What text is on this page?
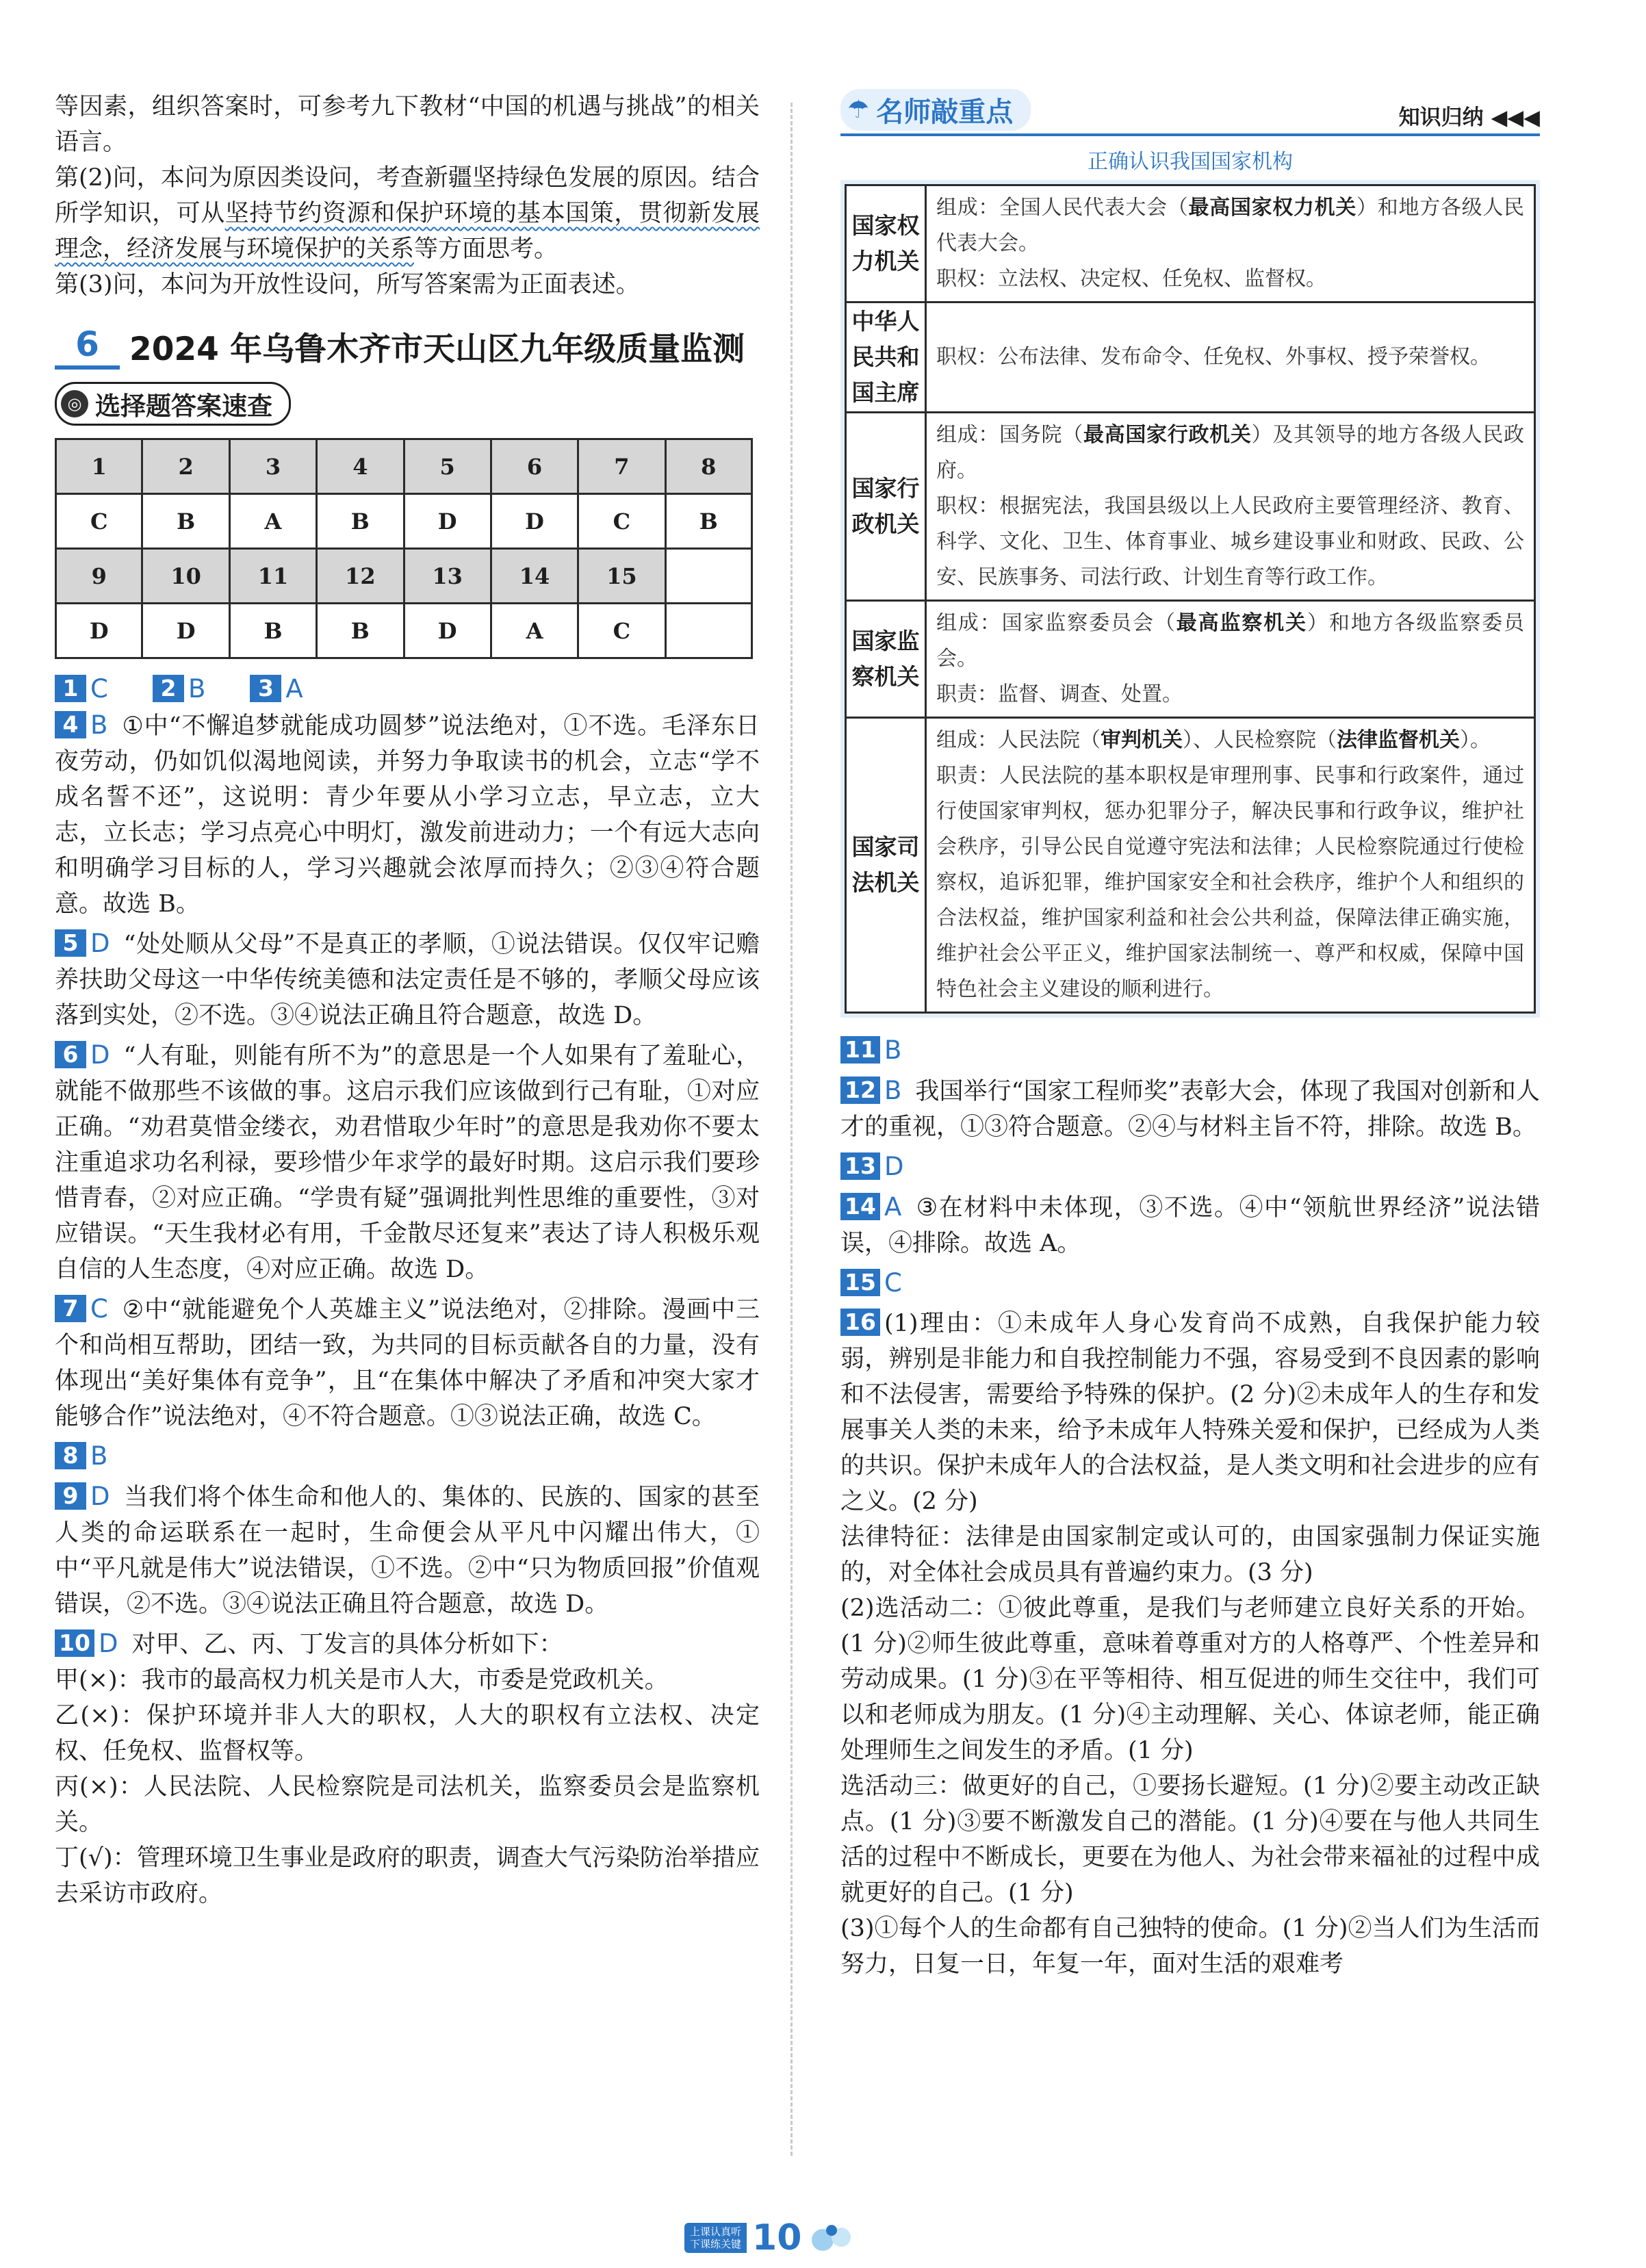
等因素，组织答案时，可参考九下教材“中国的机遇与挑战”的相关语言。

第(2)问，本问为原因类设问，考查新疆坚持绿色发展的原因。结合所学知识，可从坚持节约资源和保护环境的基本国策，贯彻新发展理念，经济发展与环境保护的关系等方面思考。

第(3)问，本问为开放性设问，所写答案需为正面表述。

6 2024 年乌鲁木齐市天山区九年级质量监测
◎ 选择题答案速查
1	2	3	4	5	6	7	8
C	B	A	B	D	D	C	B
9	10	11	12	13	14	15	
D	D	B	B	D	A	C	
1 C 2 B 3 A

4 B ①中“不懈追梦就能成功圆梦”说法绝对，①不选。毛泽东日夜劳动，仍如饥似渴地阅读，并努力争取读书的机会，立志“学不成名誓不还”，这说明：青少年要从小学习立志，早立志，立大志，立长志；学习点亮心中明灯，激发前进动力；一个有远大志向和明确学习目标的人，学习兴趣就会浓厚而持久；②③④符合题意。故选 B。

5 D “处处顺从父母”不是真正的孝顺，①说法错误。仅仅牢记赡养扶助父母这一中华传统美德和法定责任是不够的，孝顺父母应该落到实处，②不选。③④说法正确且符合题意，故选 D。

6 D “人有耻，则能有所不为”的意思是一个人如果有了羞耻心，就能不做那些不该做的事。这启示我们应该做到行己有耻，①对应正确。“劝君莫惜金缕衣，劝君惜取少年时”的意思是我劝你不要太注重追求功名利禄，要珍惜少年求学的最好时期。这启示我们要珍惜青春，②对应正确。“学贵有疑”强调批判性思维的重要性，③对应错误。“天生我材必有用，千金散尽还复来”表达了诗人积极乐观自信的人生态度，④对应正确。故选 D。

7 C ②中“就能避免个人英雄主义”说法绝对，②排除。漫画中三个和尚相互帮助，团结一致，为共同的目标贡献各自的力量，没有体现出“美好集体有竞争”，且“在集体中解决了矛盾和冲突大家才能够合作”说法绝对，④不符合题意。①③说法正确，故选 C。

8 B

9 D 当我们将个体生命和他人的、集体的、民族的、国家的甚至人类的命运联系在一起时，生命便会从平凡中闪耀出伟大，①中“平凡就是伟大”说法错误，①不选。②中“只为物质回报”价值观错误，②不选。③④说法正确且符合题意，故选 D。

10 D 对甲、乙、丙、丁发言的具体分析如下：

甲(×)：我市的最高权力机关是市人大，市委是党政机关。

乙(×)：保护环境并非人大的职权，人大的职权有立法权、决定权、任免权、监督权等。

丙(×)：人民法院、人民检察院是司法机关，监察委员会是监察机关。

丁(√)：管理环境卫生事业是政府的职责，调查大气污染防治举措应去采访市政府。

☂ 名师敲重点	知识归纳 ◀◀◀
正确认识我国国家机构
国家权力机关	组成：全国人民代表大会（最高国家权力机关）和地方各级人民代表大会。

职权：立法权、决定权、任免权、监督权。

中华人民共和国主席	职权：公布法律、发布命令、任免权、外事权、授予荣誉权。

国家行政机关	组成：国务院（最高国家行政机关）及其领导的地方各级人民政府。

职权：根据宪法，我国县级以上人民政府主要管理经济、教育、科学、文化、卫生、体育事业、城乡建设事业和财政、民政、公安、民族事务、司法行政、计划生育等行政工作。

国家监察机关	组成：国家监察委员会（最高监察机关）和地方各级监察委员会。

职责：监督、调查、处置。

国家司法机关	组成：人民法院（审判机关）、人民检察院（法律监督机关）。

职责：人民法院的基本职权是审理刑事、民事和行政案件，通过行使国家审判权，惩办犯罪分子，解决民事和行政争议，维护社会秩序，引导公民自觉遵守宪法和法律；人民检察院通过行使检察权，追诉犯罪，维护国家安全和社会秩序，维护个人和组织的合法权益，维护国家利益和社会公共利益，保障法律正确实施，维护社会公平正义，维护国家法制统一、尊严和权威，保障中国特色社会主义建设的顺利进行。

11 B

12 B 我国举行“国家工程师奖”表彰大会，体现了我国对创新和人才的重视，①③符合题意。②④与材料主旨不符，排除。故选 B。

13 D

14 A ③在材料中未体现，③不选。④中“领航世界经济”说法错误，④排除。故选 A。

15 C

16 (1)理由：①未成年人身心发育尚不成熟，自我保护能力较弱，辨别是非能力和自我控制能力不强，容易受到不良因素的影响和不法侵害，需要给予特殊的保护。(2 分)②未成年人的生存和发展事关人类的未来，给予未成年人特殊关爱和保护，已经成为人类的共识。保护未成年人的合法权益，是人类文明和社会进步的应有之义。(2 分)

法律特征：法律是由国家制定或认可的，由国家强制力保证实施的，对全体社会成员具有普遍约束力。(3 分)

(2)选活动二：①彼此尊重，是我们与老师建立良好关系的开始。(1 分)②师生彼此尊重，意味着尊重对方的人格尊严、个性差异和劳动成果。(1 分)③在平等相待、相互促进的师生交往中，我们可以和老师成为朋友。(1 分)④主动理解、关心、体谅老师，能正确处理师生之间发生的矛盾。(1 分)

选活动三：做更好的自己，①要扬长避短。(1 分)②要主动改正缺点。(1 分)③要不断激发自己的潜能。(1 分)④要在与他人共同生活的过程中不断成长，更要在为他人、为社会带来福祉的过程中成就更好的自己。(1 分)

(3)①每个人的生命都有自己独特的使命。(1 分)②当人们为生活而努力，日复一日，年复一年，面对生活的艰难考

上课认真听
下课练关键 10
